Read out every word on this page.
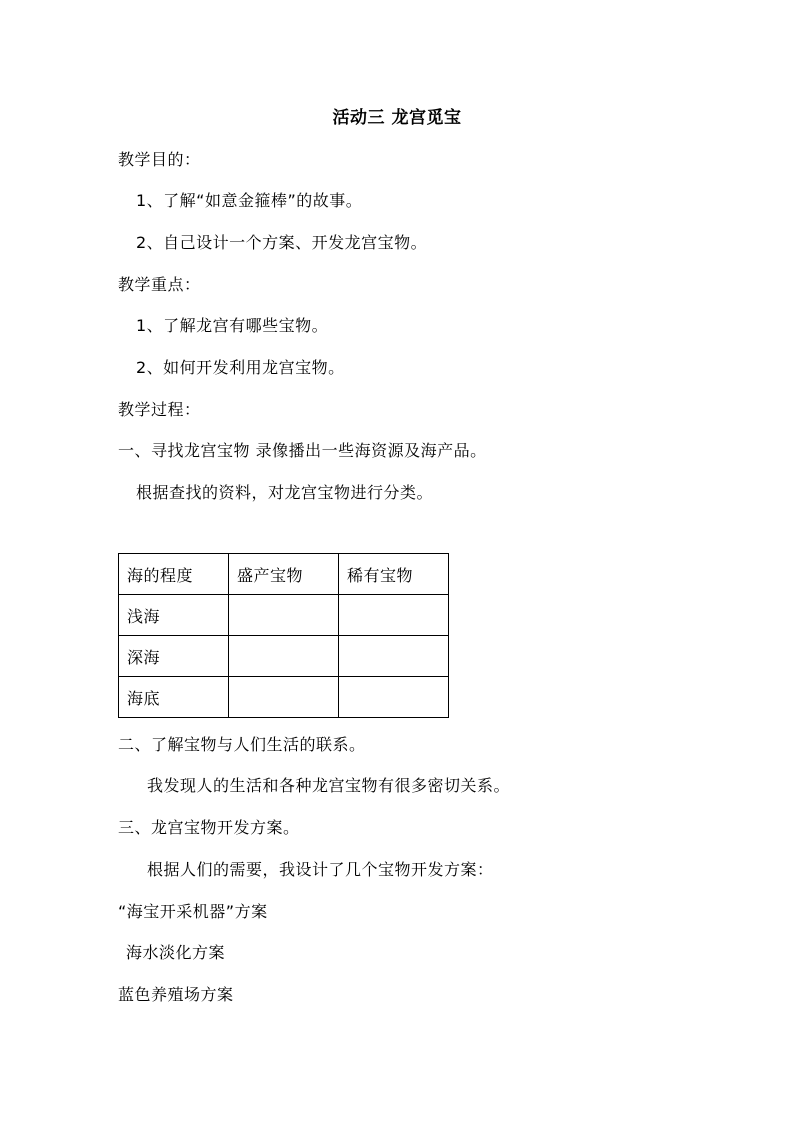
活动三 龙宫觅宝
教学目的：
1、了解“如意金箍棒”的故事。
2、自己设计一个方案、开发龙宫宝物。
教学重点：
1、了解龙宫有哪些宝物。
2、如何开发利用龙宫宝物。
教学过程：
一、寻找龙宫宝物 录像播出一些海资源及海产品。
根据查找的资料，对龙宫宝物进行分类。
海的程度	盛产宝物	稀有宝物
浅海		
深海		
海底		
二、了解宝物与人们生活的联系。
我发现人的生活和各种龙宫宝物有很多密切关系。
三、龙宫宝物开发方案。
根据人们的需要，我设计了几个宝物开发方案：
“海宝开采机器”方案
海水淡化方案
蓝色养殖场方案
